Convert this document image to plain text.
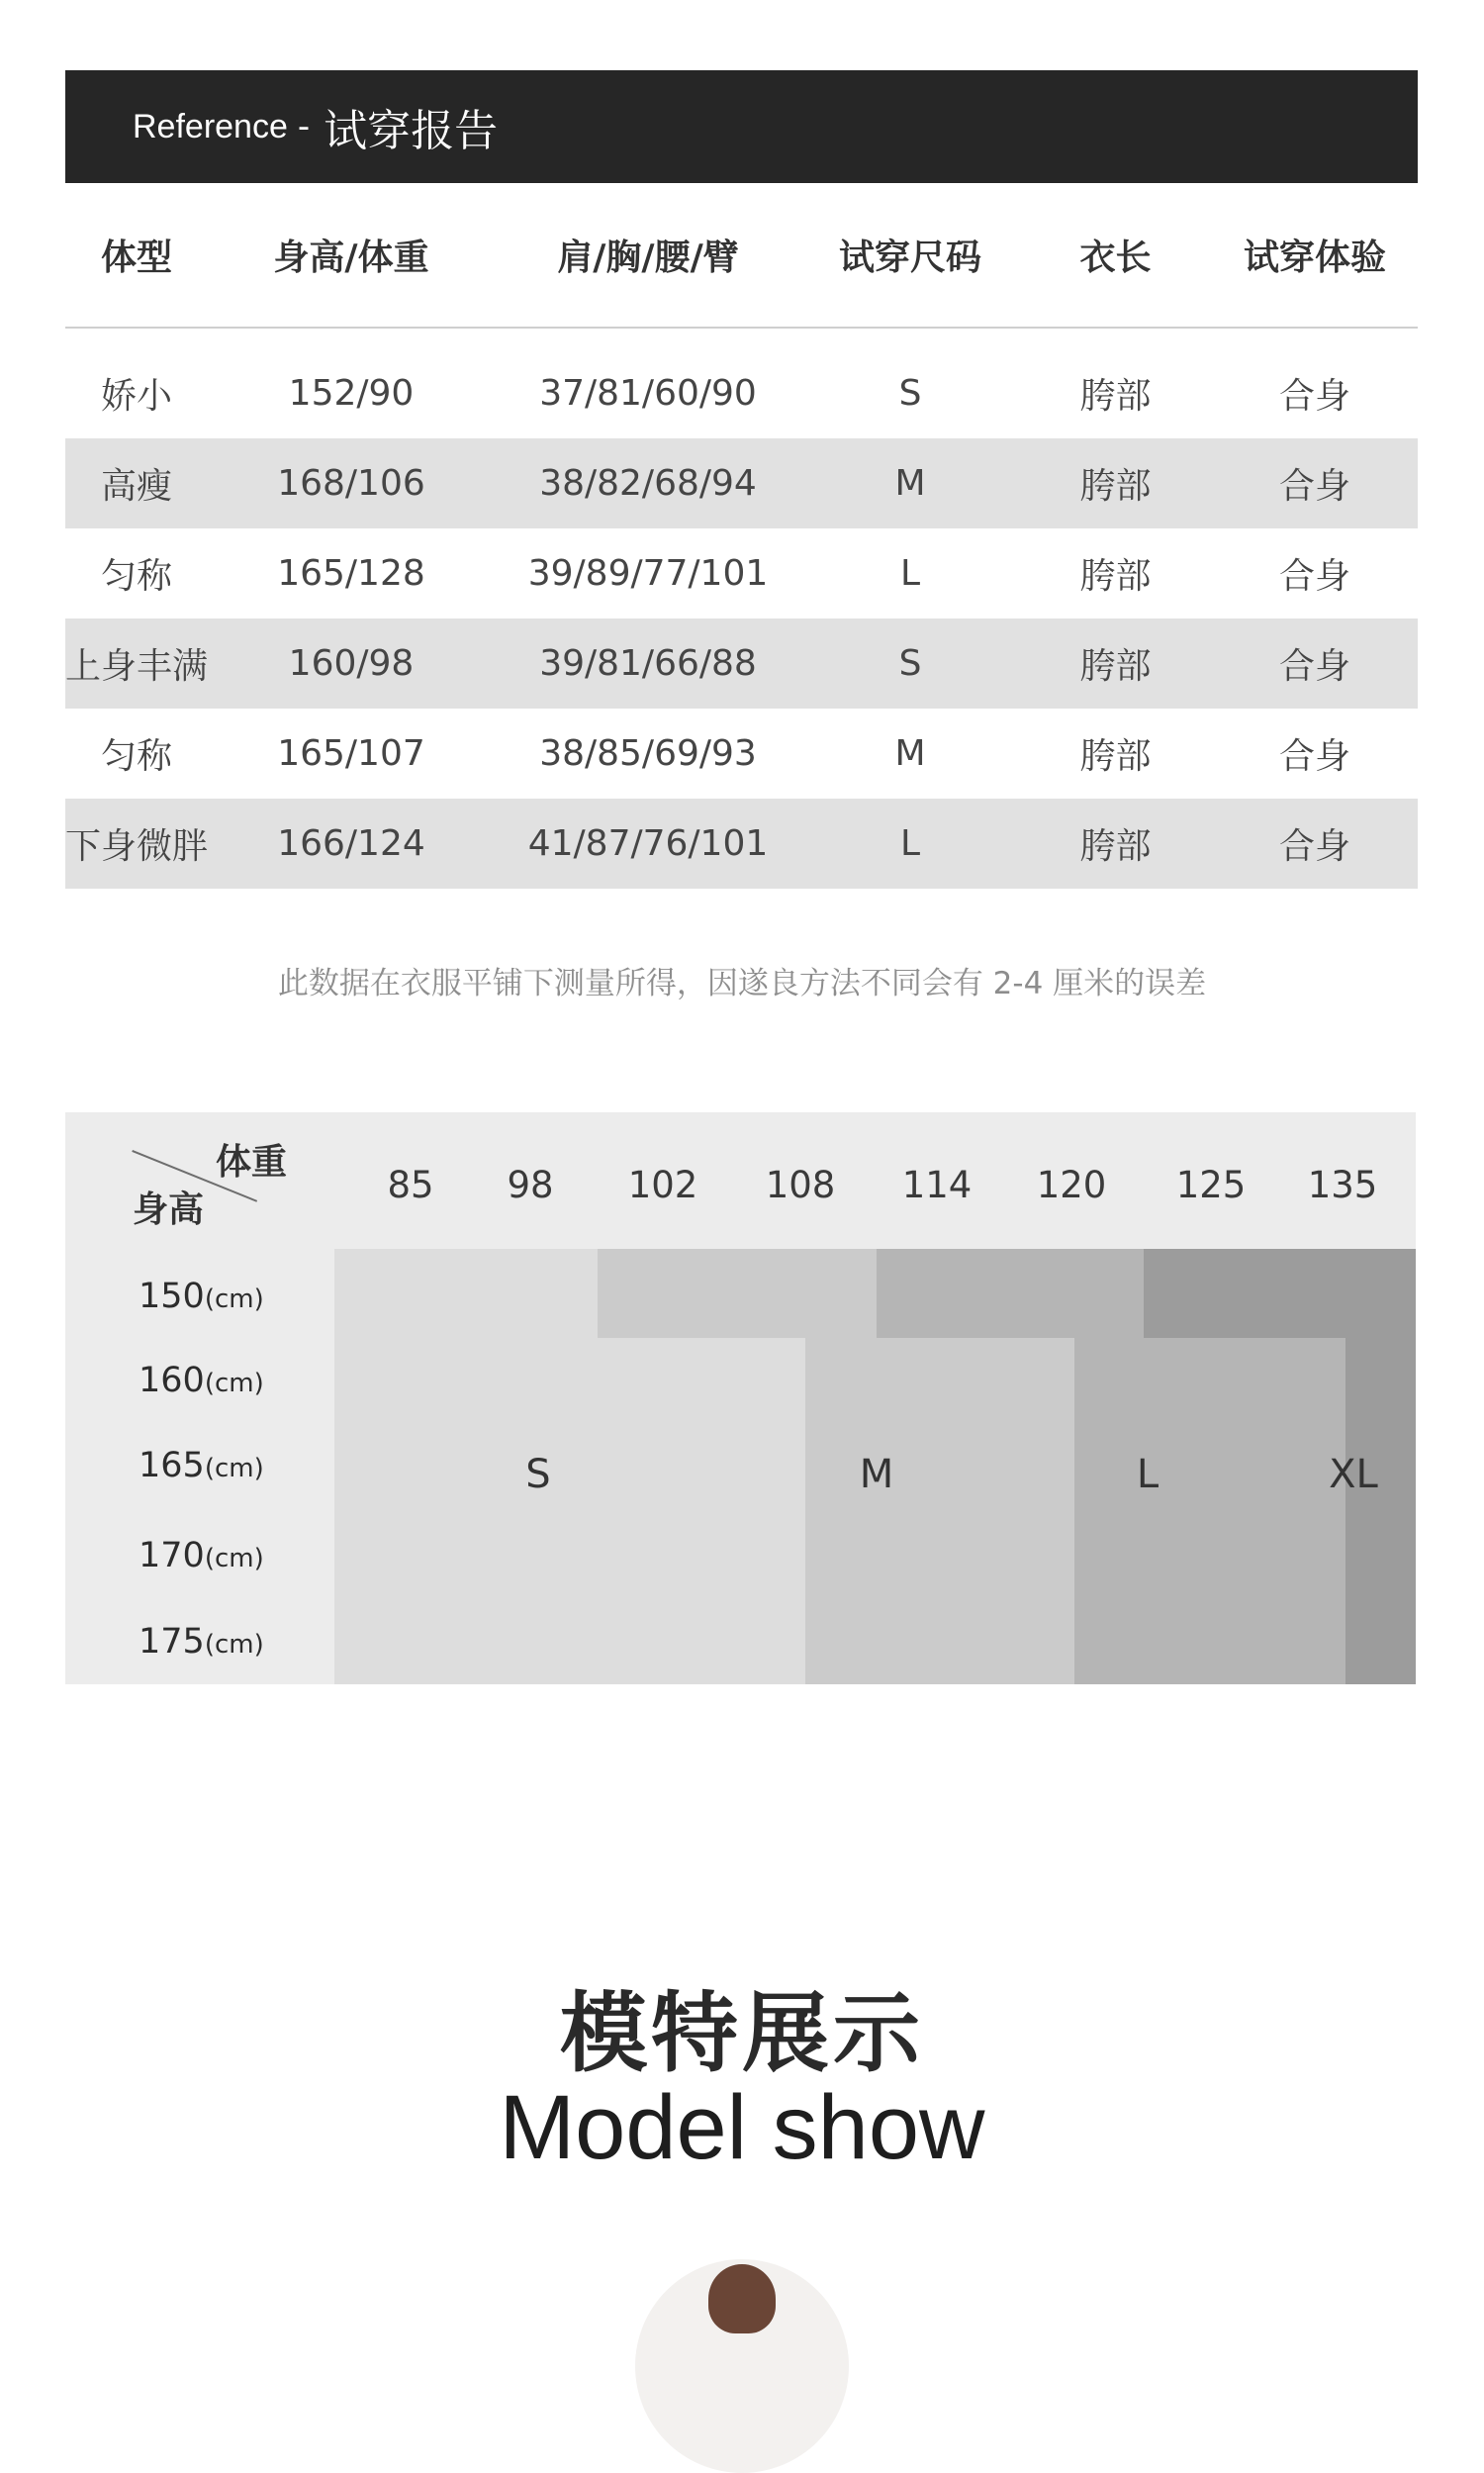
Reference - 试穿报告
体型	身高/体重	肩/胸/腰/臂	试穿尺码	衣长	试穿体验
娇小	152/90	37/81/60/90	S	胯部	合身
高瘦	168/106	38/82/68/94	M	胯部	合身
匀称	165/128	39/89/77/101	L	胯部	合身
上身丰满	160/98	39/81/66/88	S	胯部	合身
匀称	165/107	38/85/69/93	M	胯部	合身
下身微胖	166/124	41/87/76/101	L	胯部	合身
此数据在衣服平铺下测量所得，因遂良方法不同会有 2-4 厘米的误差
体重
身高
85 98 102 108 114 120 125 135
150(cm)
160(cm)
165(cm)
170(cm)
175(cm)
S	M	L	XL
模特展示
Model show
